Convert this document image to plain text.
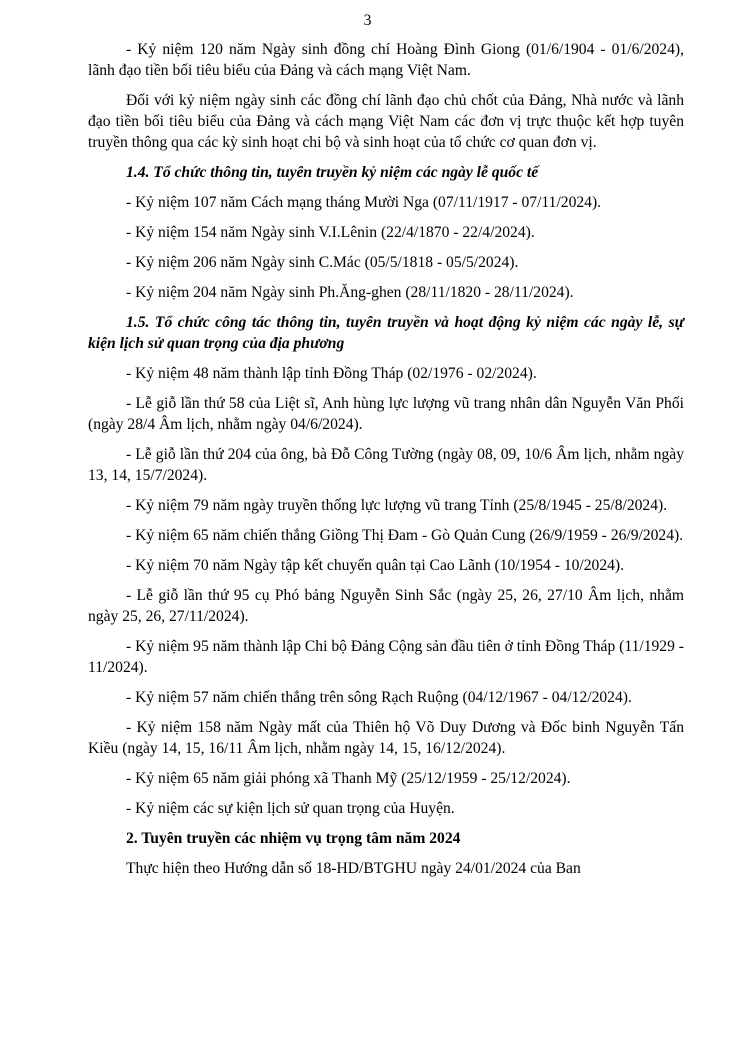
3

- Kỷ niệm 120 năm Ngày sinh đồng chí Hoàng Đình Giong (01/6/1904 - 01/6/2024), lãnh đạo tiền bối tiêu biểu của Đảng và cách mạng Việt Nam.

Đối với kỷ niệm ngày sinh các đồng chí lãnh đạo chủ chốt của Đảng, Nhà nước và lãnh đạo tiền bối tiêu biểu của Đảng và cách mạng Việt Nam các đơn vị trực thuộc kết hợp tuyên truyền thông qua các kỳ sinh hoạt chi bộ và sinh hoạt của tổ chức cơ quan đơn vị.

1.4. Tổ chức thông tin, tuyên truyền kỷ niệm các ngày lễ quốc tế

- Kỷ niệm 107 năm Cách mạng tháng Mười Nga (07/11/1917 - 07/11/2024).

- Kỷ niệm 154 năm Ngày sinh V.I.Lênin (22/4/1870 - 22/4/2024).

- Kỷ niệm 206 năm Ngày sinh C.Mác (05/5/1818 - 05/5/2024).

- Kỷ niệm 204 năm Ngày sinh Ph.Ăng-ghen (28/11/1820 - 28/11/2024).

1.5. Tổ chức công tác thông tin, tuyên truyền và hoạt động kỷ niệm các ngày lễ, sự kiện lịch sử quan trọng của địa phương

- Kỷ niệm 48 năm thành lập tỉnh Đồng Tháp (02/1976 - 02/2024).

- Lễ giỗ lần thứ 58 của Liệt sĩ, Anh hùng lực lượng vũ trang nhân dân Nguyễn Văn Phối (ngày 28/4 Âm lịch, nhằm ngày 04/6/2024).

- Lễ giỗ lần thứ 204 của ông, bà Đỗ Công Tường (ngày 08, 09, 10/6 Âm lịch, nhằm ngày 13, 14, 15/7/2024).

- Kỷ niệm 79 năm ngày truyền thống lực lượng vũ trang Tỉnh (25/8/1945 - 25/8/2024).

- Kỷ niệm 65 năm chiến thắng Giồng Thị Đam - Gò Quản Cung (26/9/1959 - 26/9/2024).

- Kỷ niệm 70 năm Ngày tập kết chuyển quân tại Cao Lãnh (10/1954 - 10/2024).

- Lễ giỗ lần thứ 95 cụ Phó bảng Nguyễn Sinh Sắc (ngày 25, 26, 27/10 Âm lịch, nhằm ngày 25, 26, 27/11/2024).

- Kỷ niệm 95 năm thành lập Chi bộ Đảng Cộng sản đầu tiên ở tỉnh Đồng Tháp (11/1929 - 11/2024).

- Kỷ niệm 57 năm chiến thắng trên sông Rạch Ruộng (04/12/1967 - 04/12/2024).

- Kỷ niệm 158 năm Ngày mất của Thiên hộ Võ Duy Dương và Đốc binh Nguyễn Tấn Kiều (ngày 14, 15, 16/11 Âm lịch, nhằm ngày 14, 15, 16/12/2024).

- Kỷ niệm 65 năm giải phóng xã Thanh Mỹ (25/12/1959 - 25/12/2024).

- Kỷ niệm các sự kiện lịch sử quan trọng của Huyện.

2. Tuyên truyền các nhiệm vụ trọng tâm năm 2024

Thực hiện theo Hướng dẫn số 18-HD/BTGHU ngày 24/01/2024 của Ban
